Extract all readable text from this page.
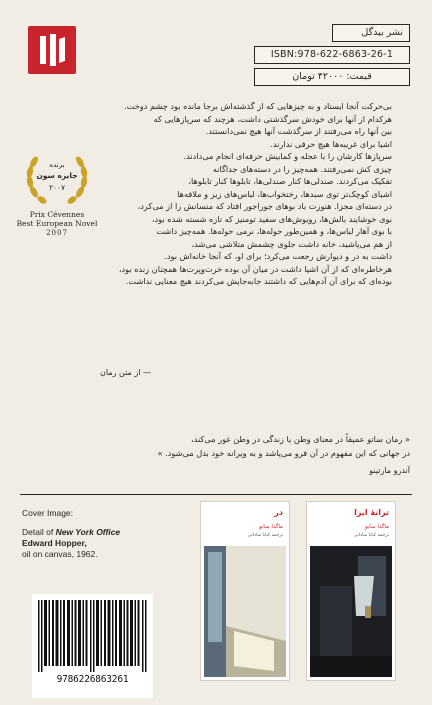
نشر بیدگل
ISBN:978-622-6863-26-1
قیمت: ۴۲۰۰۰ تومان
برنده
جایزه سون
۲۰۰۷
Prix Cévennes
Best European Novel
2007

بی‌حرکت آنجا ایستاد و به چیزهایی که از گذشته‌اش برجا مانده بود چشم دوخت.

هرکدام از آنها برای خودش سرگذشتی داشت، هرچند که سرپازهایی که

بین آنها راه می‌رفتند از سرگذشت آنها هیچ نمی‌دانستند.

اشیا برای غریبه‌ها هیچ حرفی ندارند.

سرپازها کارشان را با عجله و کمابیش حرفه‌ای انجام می‌دادند.

چیزی کش نمی‌رفتند. همه‌چیز را در دسته‌های جداگانه

تفکیک می‌کردند. صندلی‌ها کنار صندلی‌ها، تابلوها کنار تابلوها،

اشیای کوچک‌تر توی سبدها، رختخواب‌ها، لباس‌های زیر و ملافه‌ها

در دسته‌ای مجزا. هنوزت باد بوهای جوراجور افتاد که منسانش را از می‌کرد،

بوی خوشایند بالش‌ها، رویوش‌های سفید تومنیز که تازه شسته شده بود،

با بوی آهار لباس‌ها، و همین‌طور حوله‌ها، نرمی حوله‌ها. همه‌چیز داشت

از هم می‌پاشید، خانه داشت جلوی چشمش متلاشی می‌شد،

داشت به در و دیوارش رجعت می‌کرد؛ برای او، که آنجا خانه‌اش بود.

هرخاطره‌ای که از آن اشیا داشت در میان آن بوده خرت‌وپرت‌ها همچنان زنده بود،

بوده‌ای که برای آن آدم‌هایی که داشتند جابه‌جایش می‌کردند هیچ معنایی نداشت.

— از متن رمان
« رمان ساتو عمیقاً در معنای وطن یا زندگی در وطن غور می‌کند،
در جهانی که این مفهوم در آن فرو می‌پاشد و به ویرانه خود بدل می‌شود. »
آندرو مارتینو
Cover Image:
Detail of New York Office
Edward Hopper,
oil on canvas, 1962.
در
ماگدا سابو
ترجمه کیانا ساداتی
ترانهٔ ایرا
ماگدا سابو
ترجمه کیانا ساداتی
9786226863261
